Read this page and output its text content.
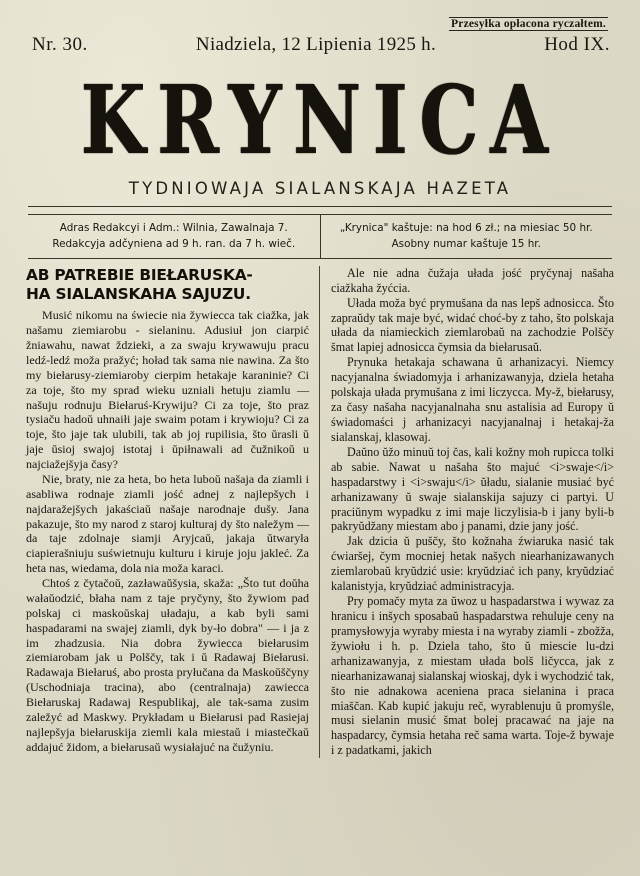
Przesyłka opłacona ryczałtem.
Nr. 30.	Niadziela, 12 Lipienia 1925 h.	Hod IX.
KRYNICA
TYDNIOWAJA SIALANSKAJA HAZETA
Adras Redakcyi i Adm.: Wilnia, Zawalnaja 7.
Redakcyja adčyniena ad 9 h. ran. da 7 h. wieč.
„Krynica" kaštuje: na hod 6 zł.; na miesiac 50 hr.
Asobny numar kaštuje 15 hr.
AB PATREBIE BIEŁARUSKA-
HA SIALANSKAHA SAJUZU.

Musić nikomu na świecie nia žywiecca tak ciažka, jak našamu ziemiarobu - sielaninu. Adusiuł jon ciarpić žniawahu, nawat ždzieki, a za swaju krywawuju pracu ledź-ledź moža pražyć; hoład tak sama nie nawina. Za što my biełarusy-ziemiaroby cierpim hetakaje karaninie? Ci za toje, što my sprad wieku uzniali hetuju ziamlu — našuju rodnuju Biełaruś-Krywiju? Ci za toje, što praz tysiaču hadoŭ uhnaiłi jaje swaim potam i krywioju? Ci za toje, što jaje tak ulubili, tak ab joj rupilisia, što ŭrasli ŭ jaje ŭsioj swajoj istotaj i ŭpiłnawali ad čužnikoŭ u najciažejšyja časy?

Nie, braty, nie za heta, bo heta luboŭ našaja da ziamli i asabliwa rodnaje ziamli jość adnej z najlepšych i najdaražejšych jakaściaŭ našaje narodnaje dušy. Jana pakazuje, što my narod z staroj kulturaj dy što naležym — da taje zdolnaje siamji Aryjcaŭ, jakaja ŭtwaryła ciapierašniuju suświetnuju kulturu i kiruje joju jakleć. Za heta nas, wiedama, dola nia moža karaci.

Chtoś z čytačoŭ, zazławaŭšysia, skaža: „Što tut doŭha wałaŭodzić, błaha nam z taje pryčyny, što žywiom pad polskaj ci maskoŭskaj uładaju, a kab byli sami haspadarami na swajej ziamli, dyk by-ło dobra" — i ja z im zhadzusia. Nia dobra žywiecca biełarusim ziemiarobam jak u Polščy, tak i ŭ Radawaj Biełarusi. Radawaja Biełaruś, abo prosta pryłučana da Maskoŭščyny (Uschodniaja tracina), abo (centralnaja) zawiecca Biełaruskaj Radawaj Respublikaj, ale tak-sama zusim zaležyć ad Maskwy. Prykładam u Biełarusi pad Rasiejaj najlepšyja biełaruskija ziemli kala miestaŭ i miastečkaŭ addajuć židom, a biełarusaŭ wysiałajuć na čužyniu.

Ale nie adna čužaja ułada jość pryčynaj našaha ciažkaha žyćcia.

Ułada moža być prymušana da nas lepš adnosicca. Što zapraŭdy tak maje być, widać choć-by z taho, što polskaja ułada da niamieckich ziemlarobaŭ na zachodzie Polščy šmat lapiej adnosicca čymsia da biełarusaŭ.

Prynuka hetakaja schawana ŭ arhanizacyi. Niemcy nacyjanalna świadomyja i arhanizawanyja, dziela hetaha polskaja ułada prymušana z imi liczycca. My-ž, biełarusy, za časy našaha nacyjanalnaha snu astalisia ad Europy ŭ świadomaści j arhanizacyi nacyjanalnaj i hetakaj-ža sialanskaj, klasowaj.

Daŭno ŭžo minuŭ toj čas, kali kožny moh rupicca tolki ab sabie. Nawat u našaha što majuć <i>swaje</i> haspadarstwy i <i>swaju</i> ŭładu, sialanie musiać być arhanizawany ŭ swaje sialanskija sajuzy ci partyi. U praciŭnym wypadku z imi maje liczylisia-b i jany byli-b pakryŭdžany miestam abo j panami, dzie jany jość.

Jak dzicia ŭ puščy, što kožnaha źwiaruka nasić tak ćwiaršej, čym mocniej hetak našych niearhanizawanych ziemlarobaŭ kryŭdzić usie: kryŭdziać ich pany, kryŭdziać kalanistyja, kryŭdziać administracyja.

Pry pomačy myta za ŭwoz u haspadarstwa i wywaz za hranicu i inšych sposabaŭ haspadarstwa rehuluje ceny na pramysłowyja wyraby miesta i na wyraby ziamli - zbožža, žywiołu i h. p. Dziela taho, što ŭ miescie lu-dzi arhanizawanyja, z miestam ułada bolš ličycca, jak z niearhanizawanaj sialanskaj wioskaj, dyk i wychodzić tak, što nie adnakowa aceniena praca sielanina i praca miaščan. Kab kupić jakuju reč, wyrablenuju ŭ promyśle, musi sielanin musić šmat bolej pracawać na jaje na haspadarcy, čymsia hetaha reč sama warta. Toje-ž bywaje i z padatkami, jakich
